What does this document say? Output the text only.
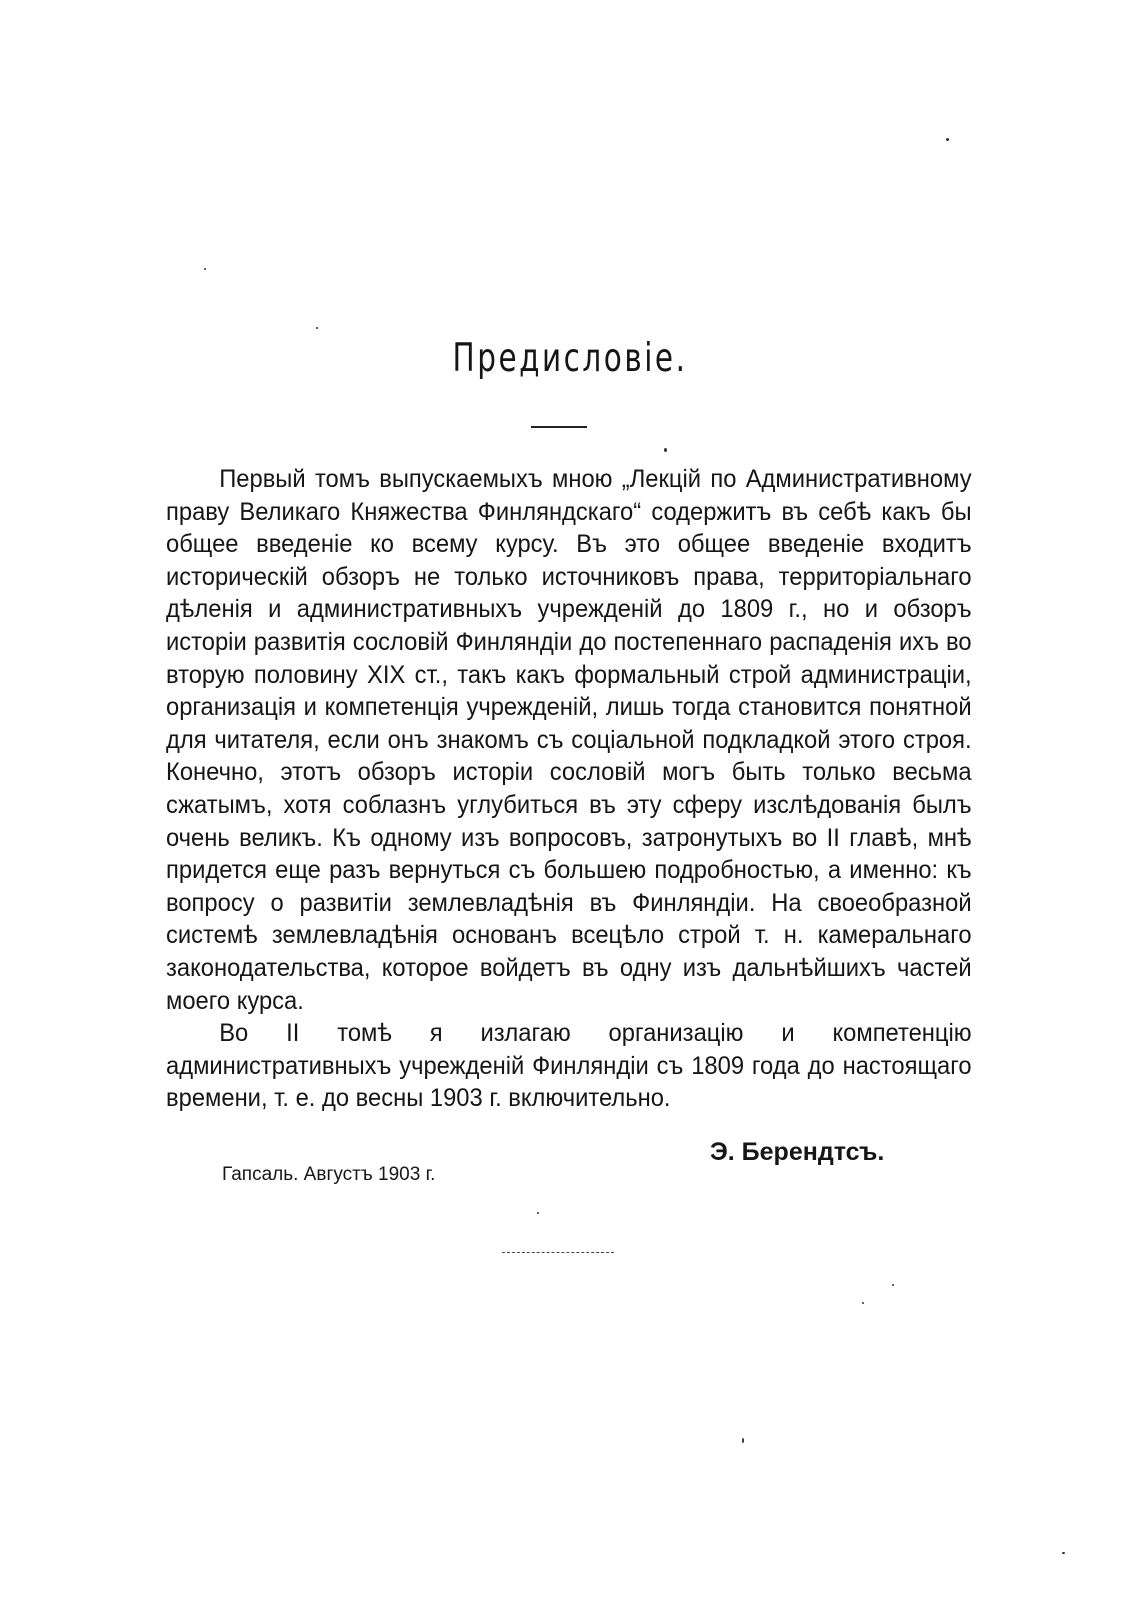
Предисловіе.

Первый томъ выпускаемыхъ мною „Лекцій по Административному праву Великаго Княжества Финляндскаго“ содержитъ въ себѣ какъ бы общее введеніе ко всему курсу. Въ это общее введеніе входитъ историческій обзоръ не только источниковъ права, территоріальнаго дѣленія и административныхъ учрежденій до 1809 г., но и обзоръ исторіи развитія сословій Финляндіи до постепеннаго распаденія ихъ во вторую половину XIX ст., такъ какъ формальный строй администраціи, организація и компетенція учрежденій, лишь тогда становится понятной для читателя, если онъ знакомъ съ соціальной подкладкой этого строя. Конечно, этотъ обзоръ исторіи сословій могъ быть только весьма сжатымъ, хотя соблазнъ углубиться въ эту сферу изслѣдованія былъ очень великъ. Къ одному изъ вопросовъ, затронутыхъ во II главѣ, мнѣ придется еще разъ вернуться съ большею подробностью, а именно: къ вопросу о развитіи землевладѣнія въ Финляндіи. На своеобразной системѣ землевладѣнія основанъ всецѣло строй т. н. камеральнаго законодательства, которое войдетъ въ одну изъ дальнѣйшихъ частей моего курса.

Во II томѣ я излагаю организацію и компетенцію административныхъ учрежденій Финляндіи съ 1809 года до настоящаго времени, т. е. до весны 1903 г. включительно.

Э. Берендтсъ.
Гапсаль. Августъ 1903 г.
